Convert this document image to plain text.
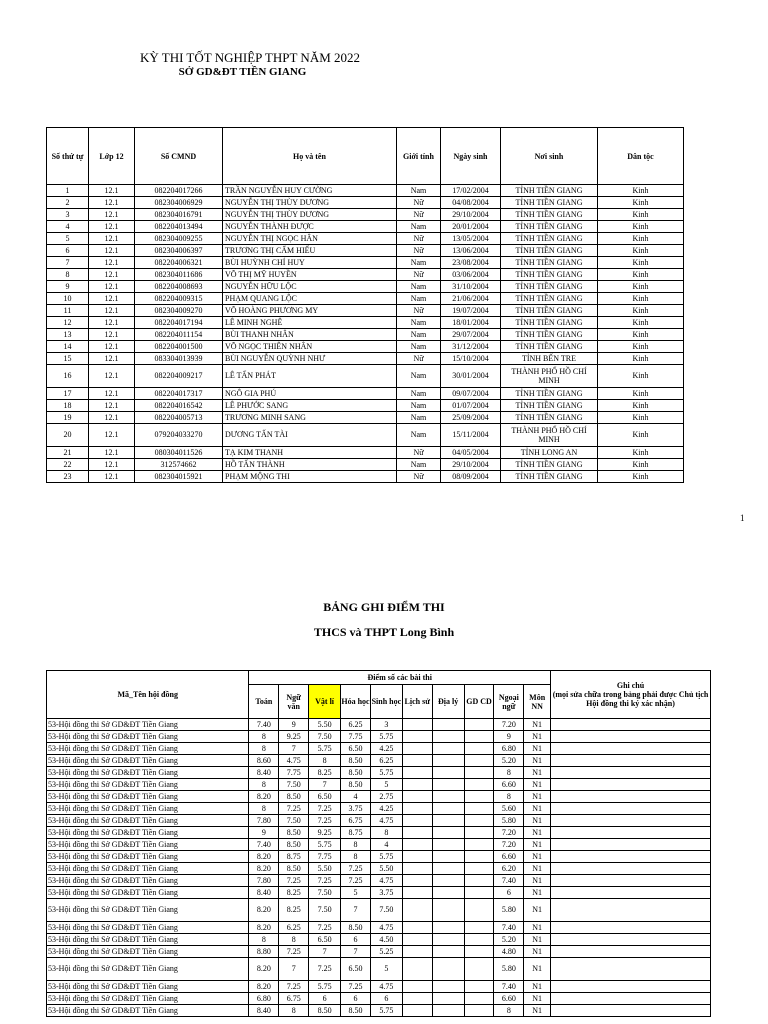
KỲ THI TỐT NGHIỆP THPT NĂM 2022
SỞ GD&ĐT TIỀN GIANG
Số thứ tự	Lớp 12	Số CMND	Họ và tên	Giới tính	Ngày sinh	Nơi sinh	Dân tộc
1	12.1	082204017266	TRẦN NGUYỄN HUY CƯỜNG	Nam	17/02/2004	TỈNH TIỀN GIANG	Kinh
2	12.1	082304006929	NGUYỄN THỊ THÙY DƯƠNG	Nữ	04/08/2004	TỈNH TIỀN GIANG	Kinh
3	12.1	082304016791	NGUYỄN THỊ THÙY DƯƠNG	Nữ	29/10/2004	TỈNH TIỀN GIANG	Kinh
4	12.1	082204013494	NGUYỄN THÀNH ĐƯỢC	Nam	20/01/2004	TỈNH TIỀN GIANG	Kinh
5	12.1	082304009255	NGUYỄN THỊ NGỌC HÂN	Nữ	13/05/2004	TỈNH TIỀN GIANG	Kinh
6	12.1	082304006397	TRƯƠNG THỊ CẨM HIẾU	Nữ	13/06/2004	TỈNH TIỀN GIANG	Kinh
7	12.1	082204006321	BÙI HUỲNH CHÍ HUY	Nam	23/08/2004	TỈNH TIỀN GIANG	Kinh
8	12.1	082304011686	VÕ THỊ MỸ HUYỀN	Nữ	03/06/2004	TỈNH TIỀN GIANG	Kinh
9	12.1	082204008693	NGUYỄN HỮU LỘC	Nam	31/10/2004	TỈNH TIỀN GIANG	Kinh
10	12.1	082204009315	PHẠM QUANG LỘC	Nam	21/06/2004	TỈNH TIỀN GIANG	Kinh
11	12.1	082304009270	VÕ HOÀNG PHƯƠNG MY	Nữ	19/07/2004	TỈNH TIỀN GIANG	Kinh
12	12.1	082204017194	LÊ MINH NGHÊ	Nam	18/01/2004	TỈNH TIỀN GIANG	Kinh
13	12.1	082204011154	BÙI THANH NHÂN	Nam	29/07/2004	TỈNH TIỀN GIANG	Kinh
14	12.1	082204001500	VÕ NGỌC THIÊN NHÂN	Nam	31/12/2004	TỈNH TIỀN GIANG	Kinh
15	12.1	083304013939	BÙI NGUYỄN QUỲNH NHƯ	Nữ	15/10/2004	TỈNH BẾN TRE	Kinh
16	12.1	082204009217	LÊ TẤN PHÁT	Nam	30/01/2004	THÀNH PHỐ HỒ CHÍ MINH	Kinh
17	12.1	082204017317	NGÔ GIA PHÚ	Nam	09/07/2004	TỈNH TIỀN GIANG	Kinh
18	12.1	082204016542	LÊ PHƯỚC SANG	Nam	01/07/2004	TỈNH TIỀN GIANG	Kinh
19	12.1	082204005713	TRƯƠNG MINH SANG	Nam	25/09/2004	TỈNH TIỀN GIANG	Kinh
20	12.1	079204033270	DƯƠNG TẤN TÀI	Nam	15/11/2004	THÀNH PHỐ HỒ CHÍ MINH	Kinh
21	12.1	080304011526	TẠ KIM THANH	Nữ	04/05/2004	TỈNH LONG AN	Kinh
22	12.1	312574662	HỒ TẤN THÀNH	Nam	29/10/2004	TỈNH TIỀN GIANG	Kinh
23	12.1	082304015921	PHẠM MỘNG THI	Nữ	08/09/2004	TỈNH TIỀN GIANG	Kinh
1
BẢNG GHI ĐIỂM THI
THCS và THPT Long Bình
Mã_Tên hội đồng	Điểm số các bài thi										Ghi chú
(mọi sửa chữa trong bảng phải được Chủ tịch Hội đồng thi ký xác nhận)
	Toán	Ngữ văn	Vật lí	Hóa học	Sinh học	Lịch sử	Địa lý	GD CD	Ngoại ngữ	Môn NN	
53-Hội đồng thi Sở GD&ĐT Tiền Giang	7.40	9	5.50	6.25	3				7.20	N1	
53-Hội đồng thi Sở GD&ĐT Tiền Giang	8	9.25	7.50	7.75	5.75				9	N1	
53-Hội đồng thi Sở GD&ĐT Tiền Giang	8	7	5.75	6.50	4.25				6.80	N1	
53-Hội đồng thi Sở GD&ĐT Tiền Giang	8.60	4.75	8	8.50	6.25				5.20	N1	
53-Hội đồng thi Sở GD&ĐT Tiền Giang	8.40	7.75	8.25	8.50	5.75				8	N1	
53-Hội đồng thi Sở GD&ĐT Tiền Giang	8	7.50	7	8.50	5				6.60	N1	
53-Hội đồng thi Sở GD&ĐT Tiền Giang	8.20	8.50	6.50	4	2.75				8	N1	
53-Hội đồng thi Sở GD&ĐT Tiền Giang	8	7.25	7.25	3.75	4.25				5.60	N1	
53-Hội đồng thi Sở GD&ĐT Tiền Giang	7.80	7.50	7.25	6.75	4.75				5.80	N1	
53-Hội đồng thi Sở GD&ĐT Tiền Giang	9	8.50	9.25	8.75	8				7.20	N1	
53-Hội đồng thi Sở GD&ĐT Tiền Giang	7.40	8.50	5.75	8	4				7.20	N1	
53-Hội đồng thi Sở GD&ĐT Tiền Giang	8.20	8.75	7.75	8	5.75				6.60	N1	
53-Hội đồng thi Sở GD&ĐT Tiền Giang	8.20	8.50	5.50	7.25	5.50				6.20	N1	
53-Hội đồng thi Sở GD&ĐT Tiền Giang	7.80	7.25	7.25	7.25	4.75				7.40	N1	
53-Hội đồng thi Sở GD&ĐT Tiền Giang	8.40	8.25	7.50	5	3.75				6	N1	
53-Hội đồng thi Sở GD&ĐT Tiền Giang	8.20	8.25	7.50	7	7.50				5.80	N1	
53-Hội đồng thi Sở GD&ĐT Tiền Giang	8.20	6.25	7.25	8.50	4.75				7.40	N1	
53-Hội đồng thi Sở GD&ĐT Tiền Giang	8	8	6.50	6	4.50				5.20	N1	
53-Hội đồng thi Sở GD&ĐT Tiền Giang	8.80	7.25	7	7	5.25				4.80	N1	
53-Hội đồng thi Sở GD&ĐT Tiền Giang	8.20	7	7.25	6.50	5				5.80	N1	
53-Hội đồng thi Sở GD&ĐT Tiền Giang	8.20	7.25	5.75	7.25	4.75				7.40	N1	
53-Hội đồng thi Sở GD&ĐT Tiền Giang	6.80	6.75	6	6	6				6.60	N1	
53-Hội đồng thi Sở GD&ĐT Tiền Giang	8.40	8	8.50	8.50	5.75				8	N1	
